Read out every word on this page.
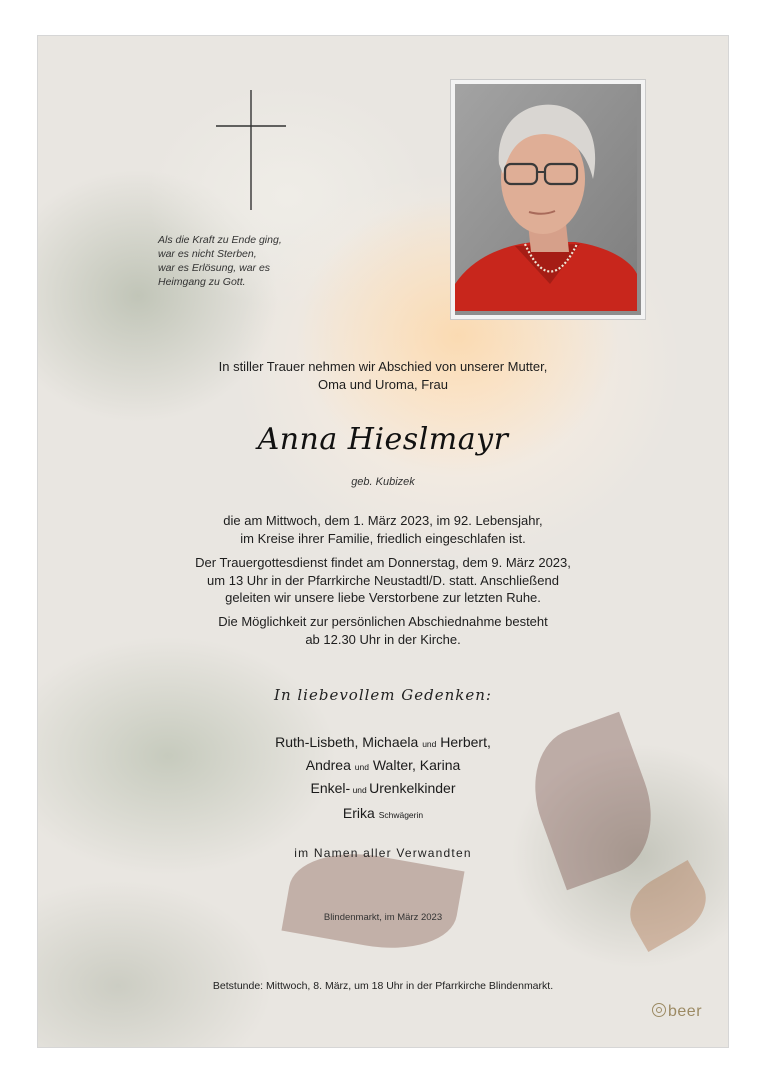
Als die Kraft zu Ende ging,
war es nicht Sterben,
war es Erlösung, war es
Heimgang zu Gott.
In stiller Trauer nehmen wir Abschied von unserer Mutter,
Oma und Uroma, Frau
Anna Hieslmayr
geb. Kubizek
die am Mittwoch, dem 1. März 2023, im 92. Lebensjahr,
im Kreise ihrer Familie, friedlich eingeschlafen ist.
Der Trauergottesdienst findet am Donnerstag, dem 9. März 2023,
um 13 Uhr in der Pfarrkirche Neustadtl/D. statt. Anschließend
geleiten wir unsere liebe Verstorbene zur letzten Ruhe.
Die Möglichkeit zur persönlichen Abschiednahme besteht
ab 12.30 Uhr in der Kirche.
In liebevollem Gedenken:
Ruth-Lisbeth, Michaela und Herbert,
Andrea und Walter, Karina
Enkel- und Urenkelkinder
Erika Schwägerin
im Namen aller Verwandten
Blindenmarkt, im März 2023
Betstunde: Mittwoch, 8. März, um 18 Uhr in der Pfarrkirche Blindenmarkt.
beer
